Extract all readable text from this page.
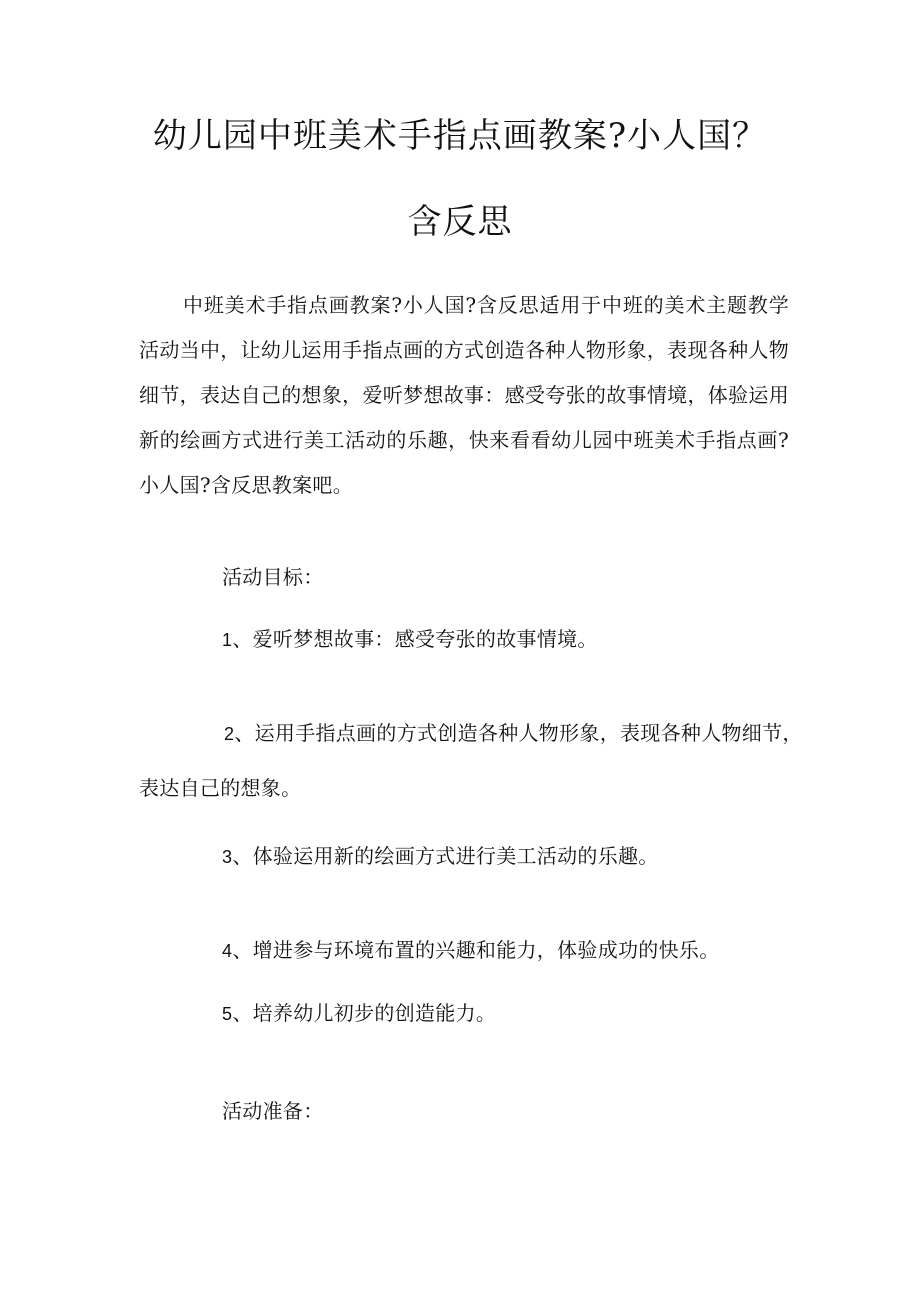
幼儿园中班美术手指点画教案?小人国？
含反思
中班美术手指点画教案?小人国?含反思适用于中班的美术主题教学
活动当中，让幼儿运用手指点画的方式创造各种人物形象，表现各种人物
细节，表达自己的想象，爱听梦想故事：感受夸张的故事情境，体验运用
新的绘画方式进行美工活动的乐趣，快来看看幼儿园中班美术手指点画?
小人国?含反思教案吧。
活动目标：
1、爱听梦想故事：感受夸张的故事情境。
2、运用手指点画的方式创造各种人物形象，表现各种人物细节，
表达自己的想象。
3、体验运用新的绘画方式进行美工活动的乐趣。
4、增进参与环境布置的兴趣和能力，体验成功的快乐。
5、培养幼儿初步的创造能力。
活动准备：
